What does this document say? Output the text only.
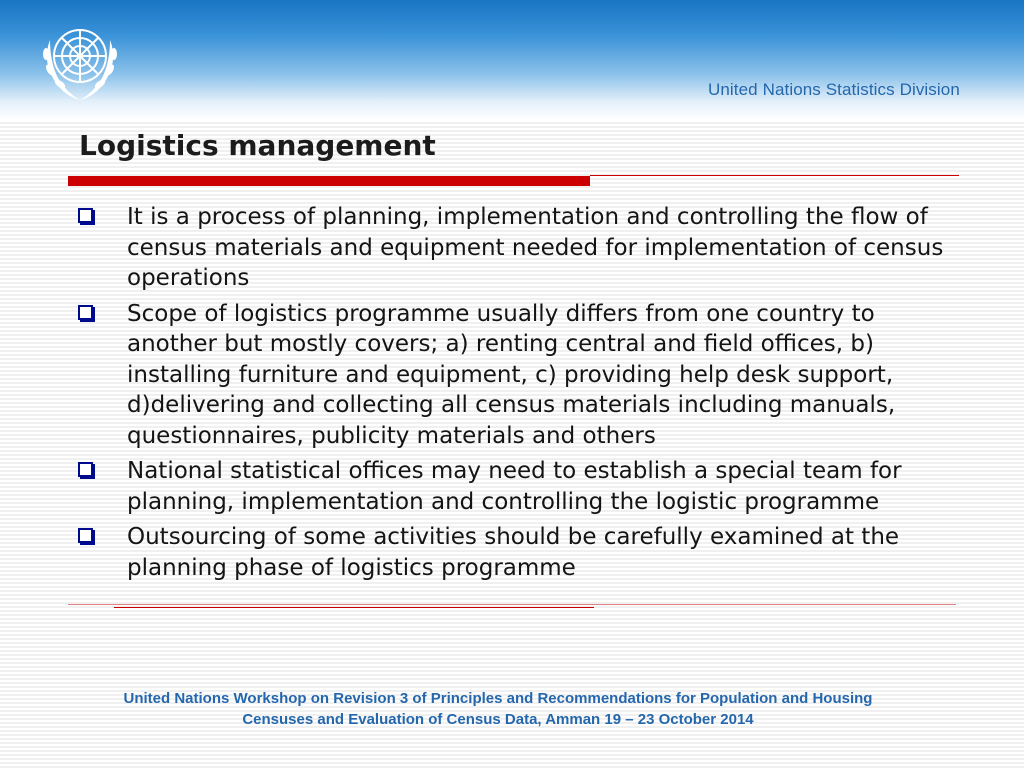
United Nations Statistics Division
Logistics management
It is a process of planning, implementation and controlling the flow of census materials and equipment needed for implementation of census operations
Scope of logistics programme usually differs from one country to another but mostly covers; a) renting central and field offices, b) installing furniture and equipment, c) providing help desk support, d)delivering and collecting all census materials including manuals, questionnaires, publicity materials and others
National statistical offices may need to establish a special team for planning, implementation and controlling the logistic programme
Outsourcing of some activities should be carefully examined at the planning phase of logistics programme
United Nations Workshop on Revision 3 of Principles and Recommendations for Population and Housing
Censuses and Evaluation of Census Data, Amman 19 – 23 October 2014
